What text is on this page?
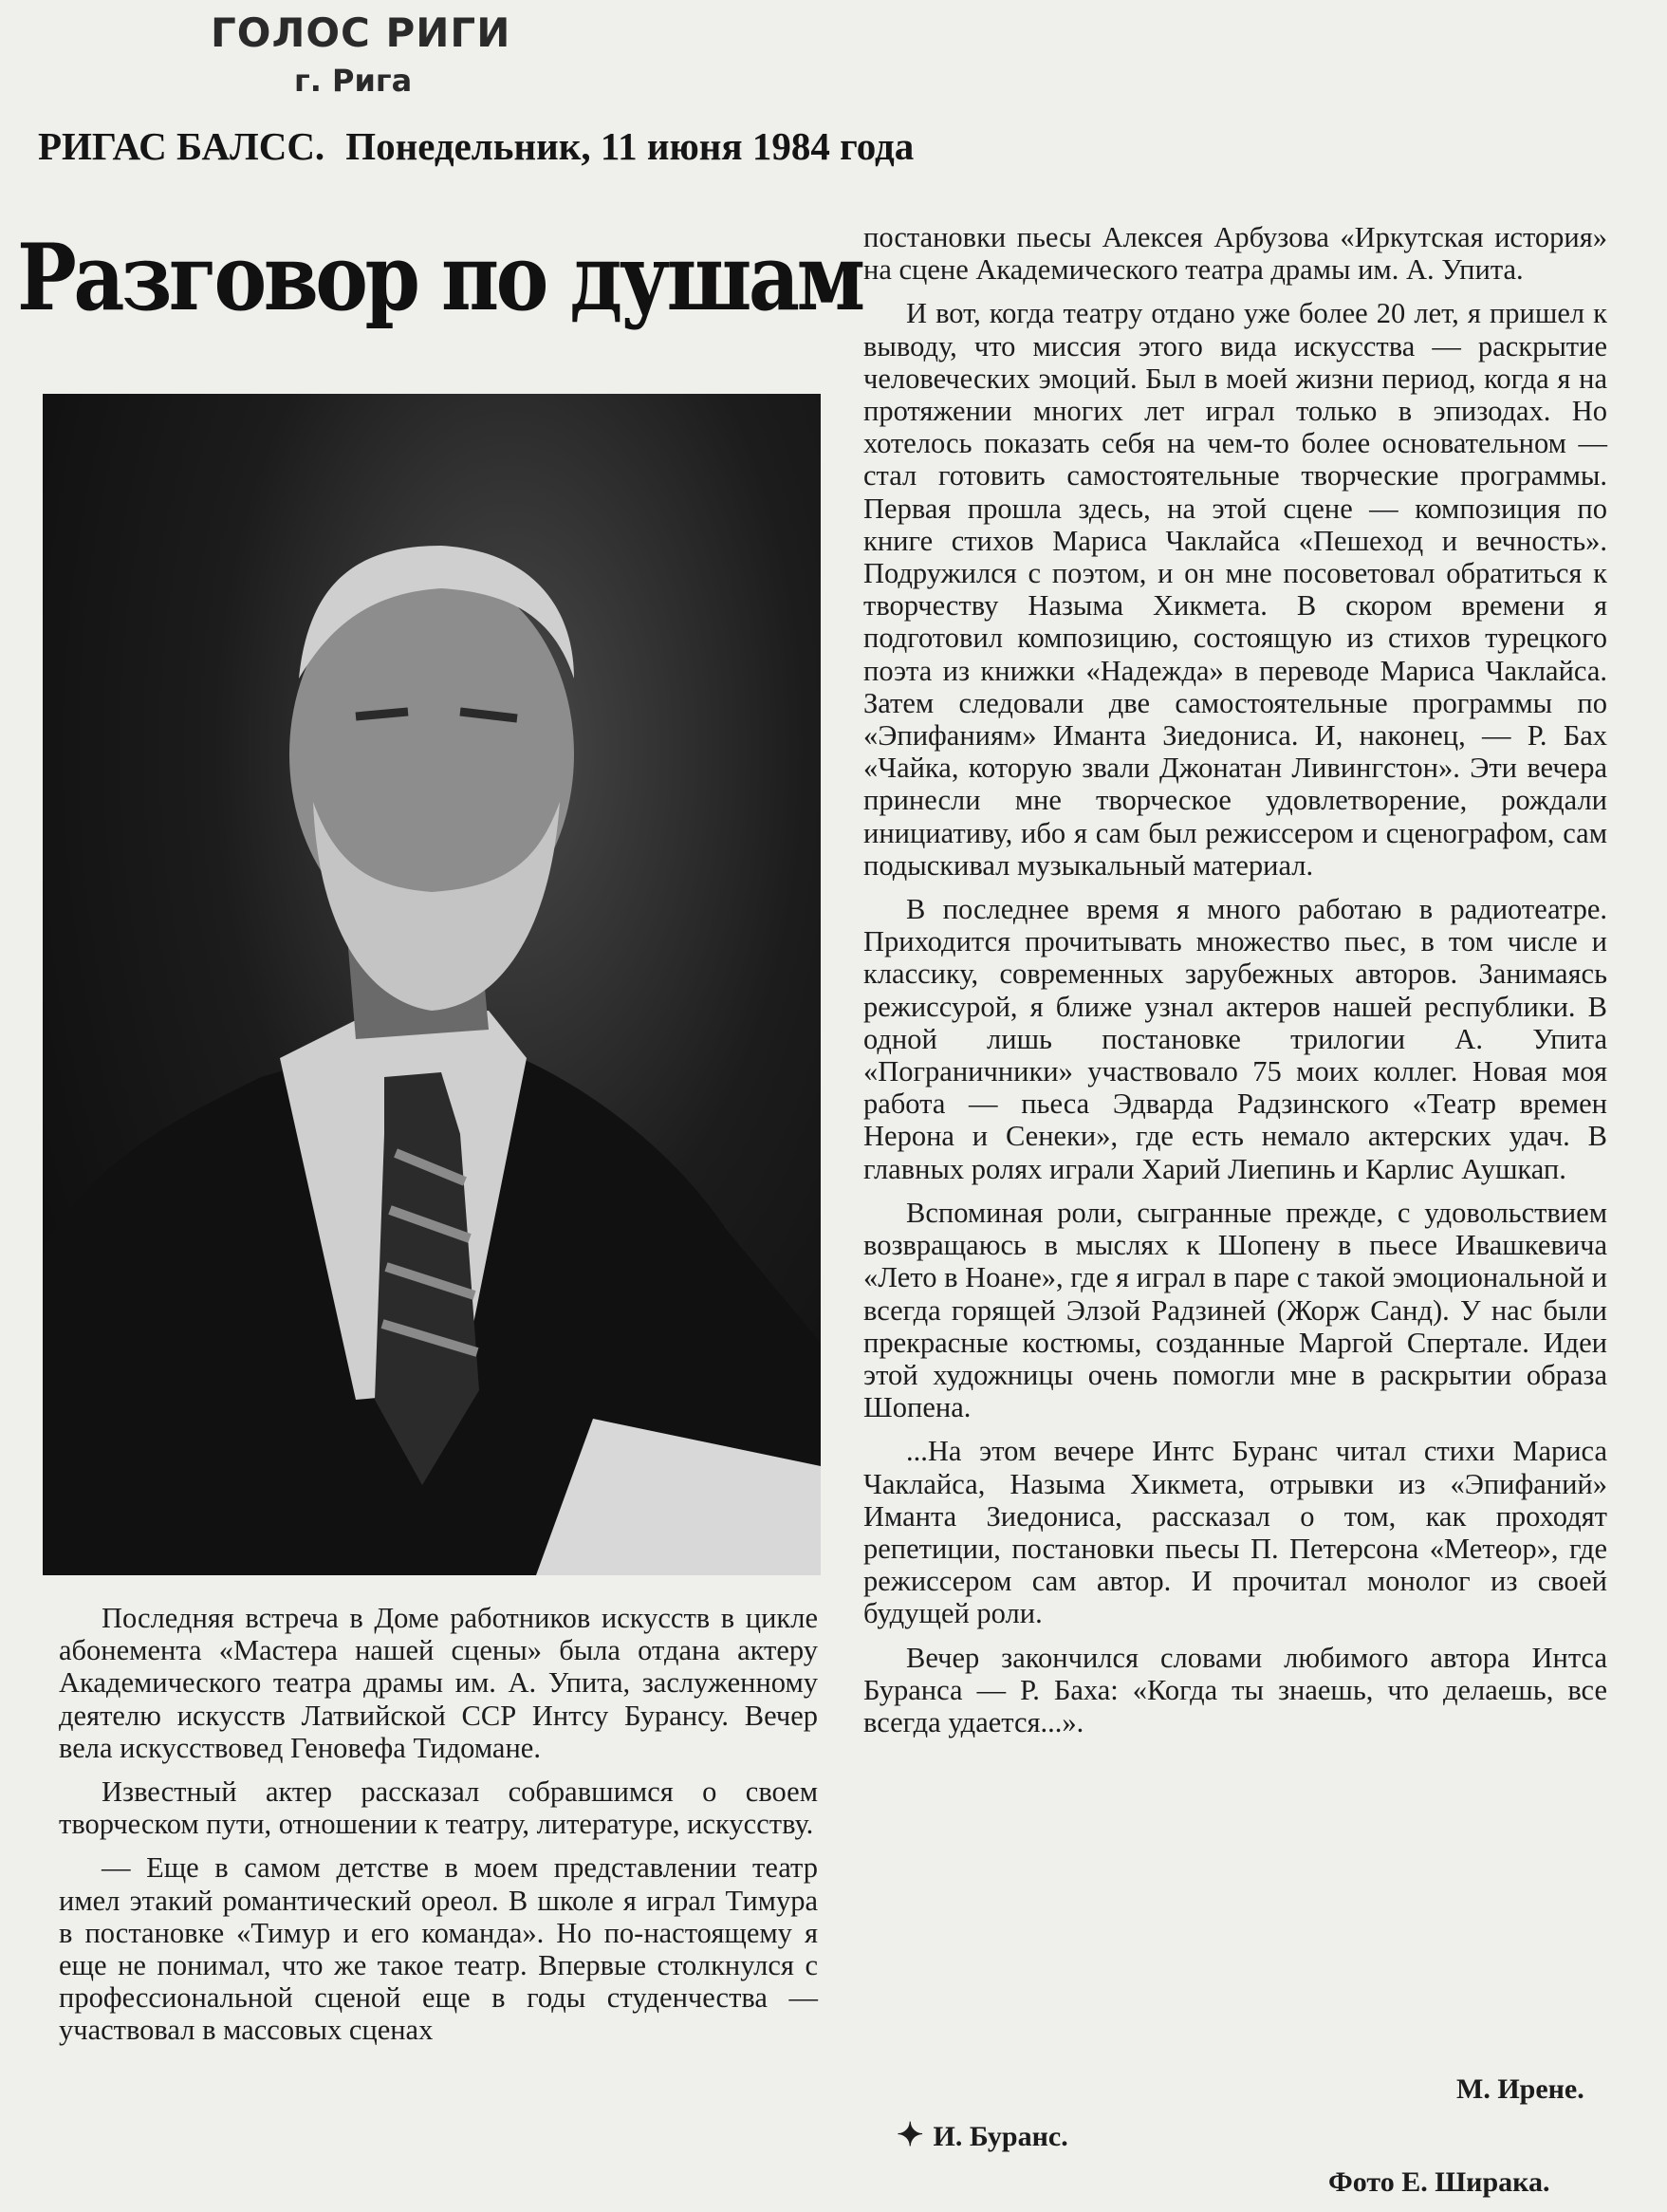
ГОЛОС РИГИ
г. Рига
РИГАС БАЛСС. Понедельник, 11 июня 1984 года
Разговор по душам

Последняя встреча в Доме работников искусств в цикле абонемента «Мастера нашей сцены» была отдана актеру Академического театра драмы им. А. Упита, заслуженному деятелю искусств Латвийской ССР Интсу Бурансу. Вечер вела искусствовед Геновефа Тидомане.

Известный актер рассказал собравшимся о своем творческом пути, отношении к театру, литературе, искусству.

— Еще в самом детстве в моем представлении театр имел этакий романтический ореол. В школе я играл Тимура в постановке «Тимур и его команда». Но по-настоящему я еще не понимал, что же такое театр. Впервые столкнулся с профессиональной сценой еще в годы студенчества — участвовал в массовых сценах

постановки пьесы Алексея Арбузова «Иркутская история» на сцене Академического театра драмы им. А. Упита.

И вот, когда театру отдано уже более 20 лет, я пришел к выводу, что миссия этого вида искусства — раскрытие человеческих эмоций. Был в моей жизни период, когда я на протяжении многих лет играл только в эпизодах. Но хотелось показать себя на чем-то более основательном — стал готовить самостоятельные творческие программы. Первая прошла здесь, на этой сцене — композиция по книге стихов Мариса Чаклайса «Пешеход и вечность». Подружился с поэтом, и он мне посоветовал обратиться к творчеству Назыма Хикмета. В скором времени я подготовил композицию, состоящую из стихов турецкого поэта из книжки «Надежда» в переводе Мариса Чаклайса. Затем следовали две самостоятельные программы по «Эпифаниям» Иманта Зиедониса. И, наконец, — Р. Бах «Чайка, которую звали Джонатан Ливингстон». Эти вечера принесли мне творческое удовлетворение, рождали инициативу, ибо я сам был режиссером и сценографом, сам подыскивал музыкальный материал.

В последнее время я много работаю в радиотеатре. Приходится прочитывать множество пьес, в том числе и классику, современных зарубежных авторов. Занимаясь режиссурой, я ближе узнал актеров нашей республики. В одной лишь постановке трилогии А. Упита «Пограничники» участвовало 75 моих коллег. Новая моя работа — пьеса Эдварда Радзинского «Театр времен Нерона и Сенеки», где есть немало актерских удач. В главных ролях играли Харий Лиепинь и Карлис Аушкап.

Вспоминая роли, сыгранные прежде, с удовольствием возвращаюсь в мыслях к Шопену в пьесе Ивашкевича «Лето в Ноане», где я играл в паре с такой эмоциональной и всегда горящей Элзой Радзиней (Жорж Санд). У нас были прекрасные костюмы, созданные Маргой Спертале. Идеи этой художницы очень помогли мне в раскрытии образа Шопена.

...На этом вечере Интс Буранс читал стихи Мариса Чаклайса, Назыма Хикмета, отрывки из «Эпифаний» Иманта Зиедониса, рассказал о том, как проходят репетиции, постановки пьесы П. Петерсона «Метеор», где режиссером сам автор. И прочитал монолог из своей будущей роли.

Вечер закончился словами любимого автора Интса Буранса — Р. Баха: «Когда ты знаешь, что делаешь, все всегда удается...».

М. Ирене.
✦ И. Буранс.
Фото Е. Ширака.
